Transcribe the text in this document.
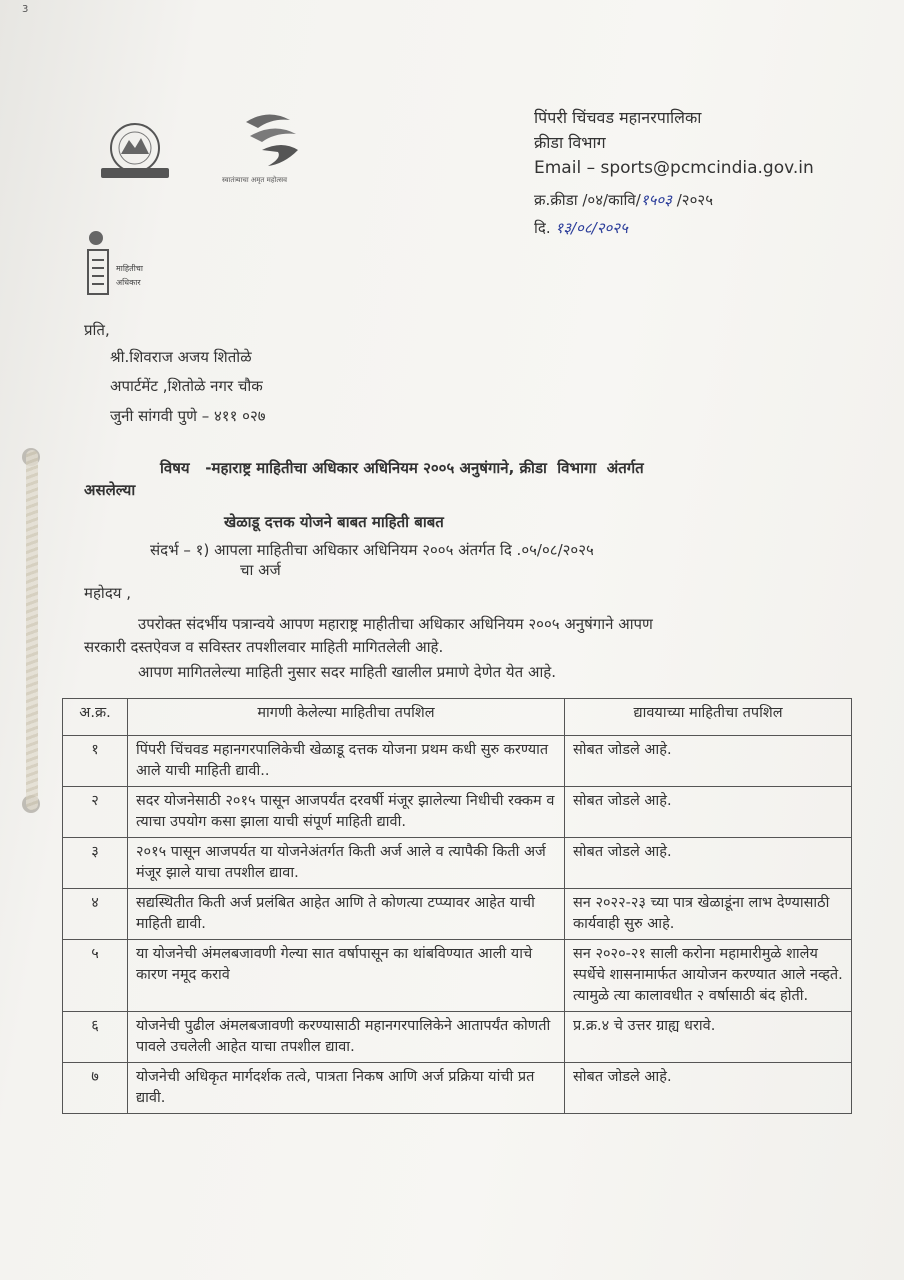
3
स्वातंत्र्याचा अमृत महोत्सव
माहितीचा
अधिकार
पिंपरी चिंचवड महानरपालिका
क्रीडा विभाग
Email – sports@pcmcindia.gov.in
क्र.क्रीडा /०४/कावि/१५०३ /२०२५
दि. १३/०८/२०२५
प्रति,
श्री.शिवराज अजय शितोळे
अपार्टमेंट ,शितोळे नगर चौक
जुनी सांगवी पुणे – ४११ ०२७
विषय   -महाराष्ट्र माहितीचा अधिकार अधिनियम २००५ अनुषंगाने, क्रीडा  विभागा  अंतर्गत
असलेल्या
खेळाडू दत्तक योजने बाबत माहिती बाबत
संदर्भ – १) आपला माहितीचा अधिकार अधिनियम २००५ अंतर्गत दि .०५/०८/२०२५
चा अर्ज
महोदय ,
उपरोक्त संदर्भीय पत्रान्वये आपण महाराष्ट्र माहीतीचा अधिकार अधिनियम २००५ अनुषंगाने आपण
सरकारी दस्तऐवज व सविस्तर तपशीलवार माहिती मागितलेली आहे.
आपण मागितलेल्या माहिती नुसार सदर माहिती खालील प्रमाणे देणेत येत आहे.
अ.क्र.	मागणी केलेल्या माहितीचा तपशिल	द्यावयाच्या माहितीचा तपशिल
१	पिंपरी चिंचवड महानगरपालिकेची खेळाडू दत्तक योजना प्रथम कधी सुरु करण्यात आले याची माहिती द्यावी..	सोबत जोडले आहे.
२	सदर योजनेसाठी २०१५ पासून आजपर्यंत दरवर्षी मंजूर झालेल्या निधीची रक्कम व त्याचा उपयोग कसा झाला याची संपूर्ण माहिती द्यावी.	सोबत जोडले आहे.
३	२०१५ पासून आजपर्यत या योजनेअंतर्गत किती अर्ज आले व त्यापैकी किती अर्ज मंजूर झाले याचा तपशील द्यावा.	सोबत जोडले आहे.
४	सद्यस्थितीत किती अर्ज प्रलंबित आहेत आणि ते कोणत्या टप्प्यावर आहेत याची माहिती द्यावी.	सन २०२२-२३ च्या पात्र खेळाडूंना लाभ देण्यासाठी कार्यवाही सुरु आहे.
५	या योजनेची अंमलबजावणी गेल्या सात वर्षापासून का थांबविण्यात आली याचे कारण नमूद करावे	सन २०२०-२१ साली करोना महामारीमुळे शालेय स्पर्धेचे शासनामार्फत आयोजन करण्यात आले नव्हते. त्यामुळे त्या कालावधीत २ वर्षासाठी बंद होती.
६	योजनेची पुढील अंमलबजावणी करण्यासाठी महानगरपालिकेने आतापर्यंत कोणती पावले उचलेली आहेत याचा तपशील द्यावा.	प्र.क्र.४ चे उत्तर ग्राह्य धरावे.
७	योजनेची अधिकृत मार्गदर्शक तत्वे, पात्रता निकष आणि अर्ज प्रक्रिया यांची प्रत द्यावी.	सोबत जोडले आहे.
